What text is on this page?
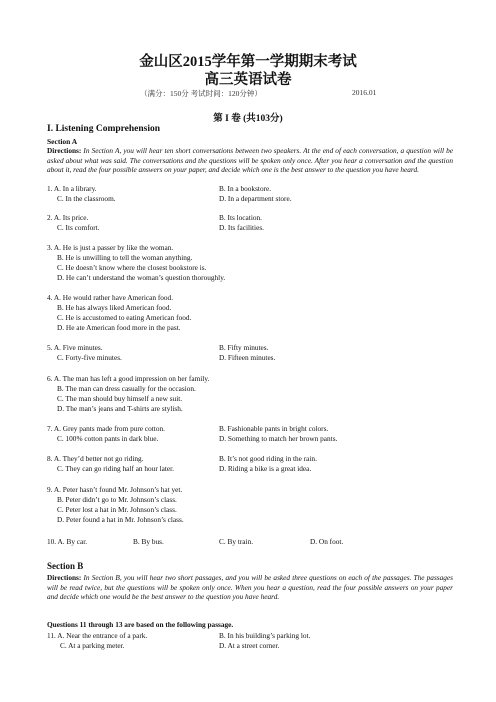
金山区2015学年第一学期期末考试
高三英语试卷
（满分：150分 考试时间：120分钟）	2016.01
第 I 卷 (共103分)
I. Listening Comprehension
Section A
Directions: In Section A, you will hear ten short conversations between two speakers. At the end of each conversation, a question will be asked about what was said. The conversations and the questions will be spoken only once. After you hear a conversation and the question about it, read the four possible answers on your paper, and decide which one is the best answer to the question you have heard.
1. A. In a library.	B. In a bookstore.
C. In the classroom.	D. In a department store.
2. A. Its price.	B. Its location.
C. Its comfort.	D. Its facilities.
3. A. He is just a passer by like the woman.
B. He is unwilling to tell the woman anything.
C. He doesn’t know where the closest bookstore is.
D. He can’t understand the woman’s question thoroughly.
4. A. He would rather have American food.
B. He has always liked American food.
C. He is accustomed to eating American food.
D. He ate American food more in the past.
5. A. Five minutes.	B. Fifty minutes.
C. Forty-five minutes.	D. Fifteen minutes.
6. A. The man has left a good impression on her family.
B. The man can dress casually for the occasion.
C. The man should buy himself a new suit.
D. The man’s jeans and T-shirts are stylish.
7. A. Grey pants made from pure cotton.	B. Fashionable pants in bright colors.
C. 100% cotton pants in dark blue.	D. Something to match her brown pants.
8. A. They’d better not go riding.	B. It’s not good riding in the rain.
C. They can go riding half an hour later.	D. Riding a bike is a great idea.
9. A. Peter hasn’t found Mr. Johnson’s hat yet.
B. Peter didn’t go to Mr. Johnson’s class.
C. Peter lost a hat in Mr. Johnson’s class.
D. Peter found a hat in Mr. Johnson’s class.
10. A. By car.	B. By bus.	C. By train.	D. On foot.
Section B
Directions: In Section B, you will hear two short passages, and you will be asked three questions on each of the passages. The passages will be read twice, but the questions will be spoken only once. When you hear a question, read the four possible answers on your paper and decide which one would be the best answer to the question you have heard.
Questions 11 through 13 are based on the following passage.
11. A. Near the entrance of a park.	B. In his building’s parking lot.
C. At a parking meter.	D. At a street corner.
